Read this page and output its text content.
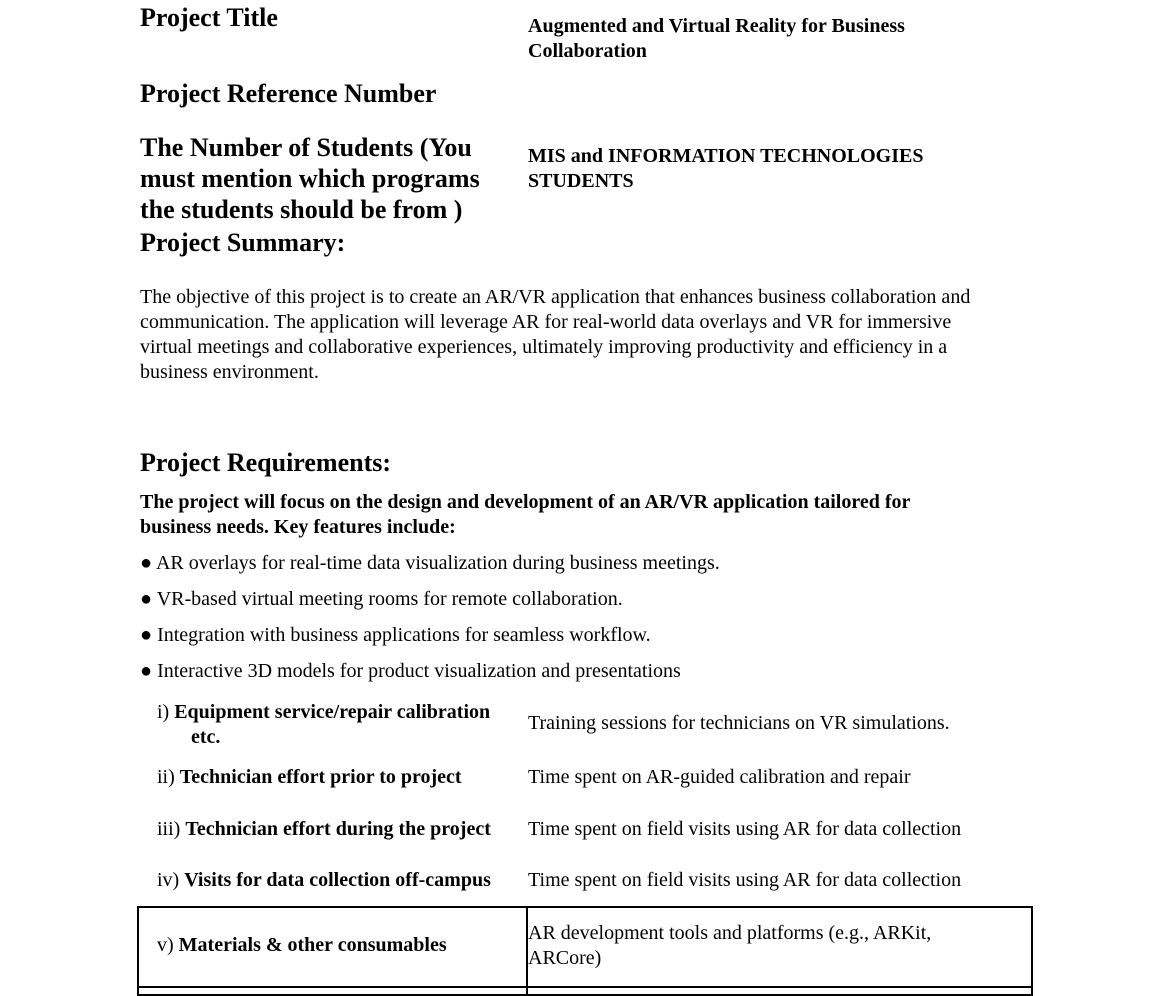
Project Title	Augmented and Virtual Reality for Business
Collaboration
Project Reference Number
The Number of Students (You
must mention which programs
the students should be from )
MIS and INFORMATION TECHNOLOGIES
STUDENTS
Project Summary:
The objective of this project is to create an AR/VR application that enhances business collaboration and
communication. The application will leverage AR for real-world data overlays and VR for immersive
virtual meetings and collaborative experiences, ultimately improving productivity and efficiency in a
business environment.
Project Requirements:
The project will focus on the design and development of an AR/VR application tailored for
business needs. Key features include:
● AR overlays for real-time data visualization during business meetings.
● VR-based virtual meeting rooms for remote collaboration.
● Integration with business applications for seamless workflow.
● Interactive 3D models for product visualization and presentations
i) Equipment service/repair calibration
etc.
Training sessions for technicians on VR simulations.
ii) Technician effort prior to project	Time spent on AR-guided calibration and repair
iii) Technician effort during the project Time spent on field visits using AR for data collection
iv) Visits for data collection off-campus Time spent on field visits using AR for data collection
v) Materials & other consumables
AR development tools and platforms (e.g., ARKit,
ARCore)
